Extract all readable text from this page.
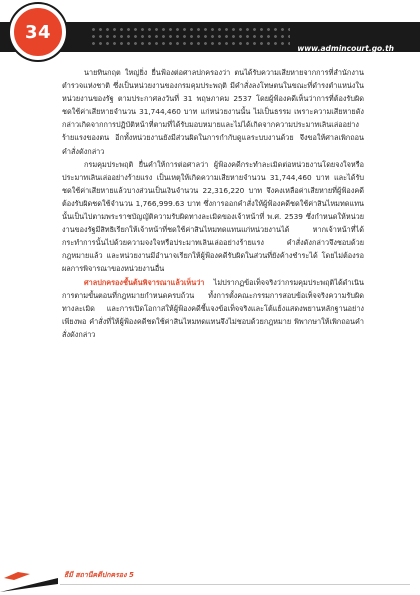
www.admincourt.go.th
34

นายทินกฤต ใหญ่ยิ่ง ยื่นฟ้องต่อศาลปกครองว่า ตนได้รับความเสียหายจากการที่สำนักงานตำรวจแห่งชาติ ซึ่งเป็นหน่วยงานของกรมคุมประพฤติ มีคำสั่งลงโทษตนในขณะที่ดำรงตำแหน่งในหน่วยงานของรัฐ ตามประกาศลงวันที่ 31 พฤษภาคม 2537 โดยผู้ฟ้องคดีเห็นว่าการที่ต้องรับผิดชดใช้ค่าเสียหายจำนวน 31,744,460 บาท แก่หน่วยงานนั้น ไม่เป็นธรรม เพราะความเสียหายดังกล่าวเกิดจากการปฏิบัติหน้าที่ตามที่ได้รับมอบหมายและไม่ได้เกิดจากความประมาทเลินเล่ออย่างร้ายแรงของตน อีกทั้งหน่วยงานยังมีส่วนผิดในการกำกับดูแลระบบงานด้วย จึงขอให้ศาลเพิกถอนคำสั่งดังกล่าว

กรมคุมประพฤติ ยื่นคำให้การต่อศาลว่า ผู้ฟ้องคดีกระทำละเมิดต่อหน่วยงานโดยจงใจหรือประมาทเลินเล่ออย่างร้ายแรง เป็นเหตุให้เกิดความเสียหายจำนวน 31,744,460 บาท และได้รับชดใช้ค่าเสียหายแล้วบางส่วนเป็นเงินจำนวน 22,316,220 บาท จึงคงเหลือค่าเสียหายที่ผู้ฟ้องคดีต้องรับผิดชดใช้จำนวน 1,766,999.63 บาท ซึ่งการออกคำสั่งให้ผู้ฟ้องคดีชดใช้ค่าสินไหมทดแทนนั้นเป็นไปตามพระราชบัญญัติความรับผิดทางละเมิดของเจ้าหน้าที่ พ.ศ. 2539 ซึ่งกำหนดให้หน่วยงานของรัฐมีสิทธิเรียกให้เจ้าหน้าที่ชดใช้ค่าสินไหมทดแทนแก่หน่วยงานได้ หากเจ้าหน้าที่ได้กระทำการนั้นไปด้วยความจงใจหรือประมาทเลินเล่ออย่างร้ายแรง คำสั่งดังกล่าวจึงชอบด้วยกฎหมายแล้ว และหน่วยงานมีอำนาจเรียกให้ผู้ฟ้องคดีรับผิดในส่วนที่ยังค้างชำระได้ โดยไม่ต้องรอผลการพิจารณาของหน่วยงานอื่น

ศาลปกครองชั้นต้นพิจารณาแล้วเห็นว่า ไม่ปรากฏข้อเท็จจริงว่ากรมคุมประพฤติได้ดำเนินการตามขั้นตอนที่กฎหมายกำหนดครบถ้วน ทั้งการตั้งคณะกรรมการสอบข้อเท็จจริงความรับผิดทางละเมิด และการเปิดโอกาสให้ผู้ฟ้องคดีชี้แจงข้อเท็จจริงและโต้แย้งแสดงพยานหลักฐานอย่างเพียงพอ คำสั่งที่ให้ผู้ฟ้องคดีชดใช้ค่าสินไหมทดแทนจึงไม่ชอบด้วยกฎหมาย พิพากษาให้เพิกถอนคำสั่งดังกล่าว

ธีมี สถานีคดีปกครอง 5
